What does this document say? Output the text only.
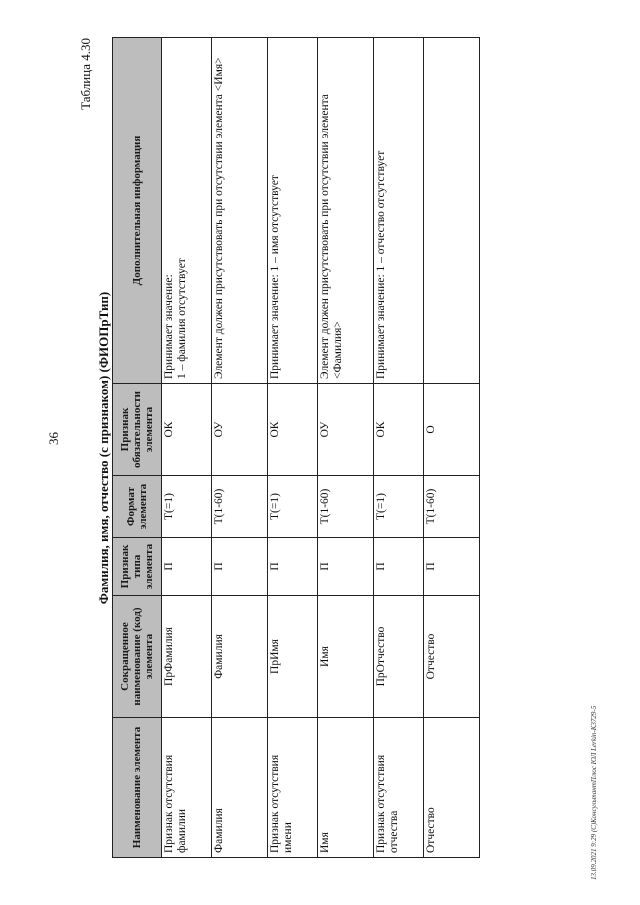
36
Таблица 4.30
Фамилия, имя, отчество (с признаком) (ФИОПрТип)
Наименование элемента	Сокращенное наименование (код) элемента	Признак типа элемента	Формат элемента	Признак обязательности элемента	Дополнительная информация
Признак отсутствия фамилии	ПрФамилия	П	T(=1)	ОК	Принимает значение:
1 – фамилия отсутствует
Фамилия	Фамилия	П	T(1-60)	ОУ	Элемент должен присутствовать при отсутствии элемента <Имя>
Признак отсутствия имени	ПрИмя	П	T(=1)	ОК	Принимает значение: 1 – имя отсутствует
Имя	Имя	П	T(1-60)	ОУ	Элемент должен присутствовать при отсутствии элемента <Фамилия>
Признак отсутствия отчества	ПрОтчество	П	T(=1)	ОК	Принимает значение: 1 – отчество отсутствует
Отчество	Отчество	П	T(1-60)	О	
13.09.2021 9:29 (С)КонсультантПлюс ЮЛ Lerkin-K3729-5
